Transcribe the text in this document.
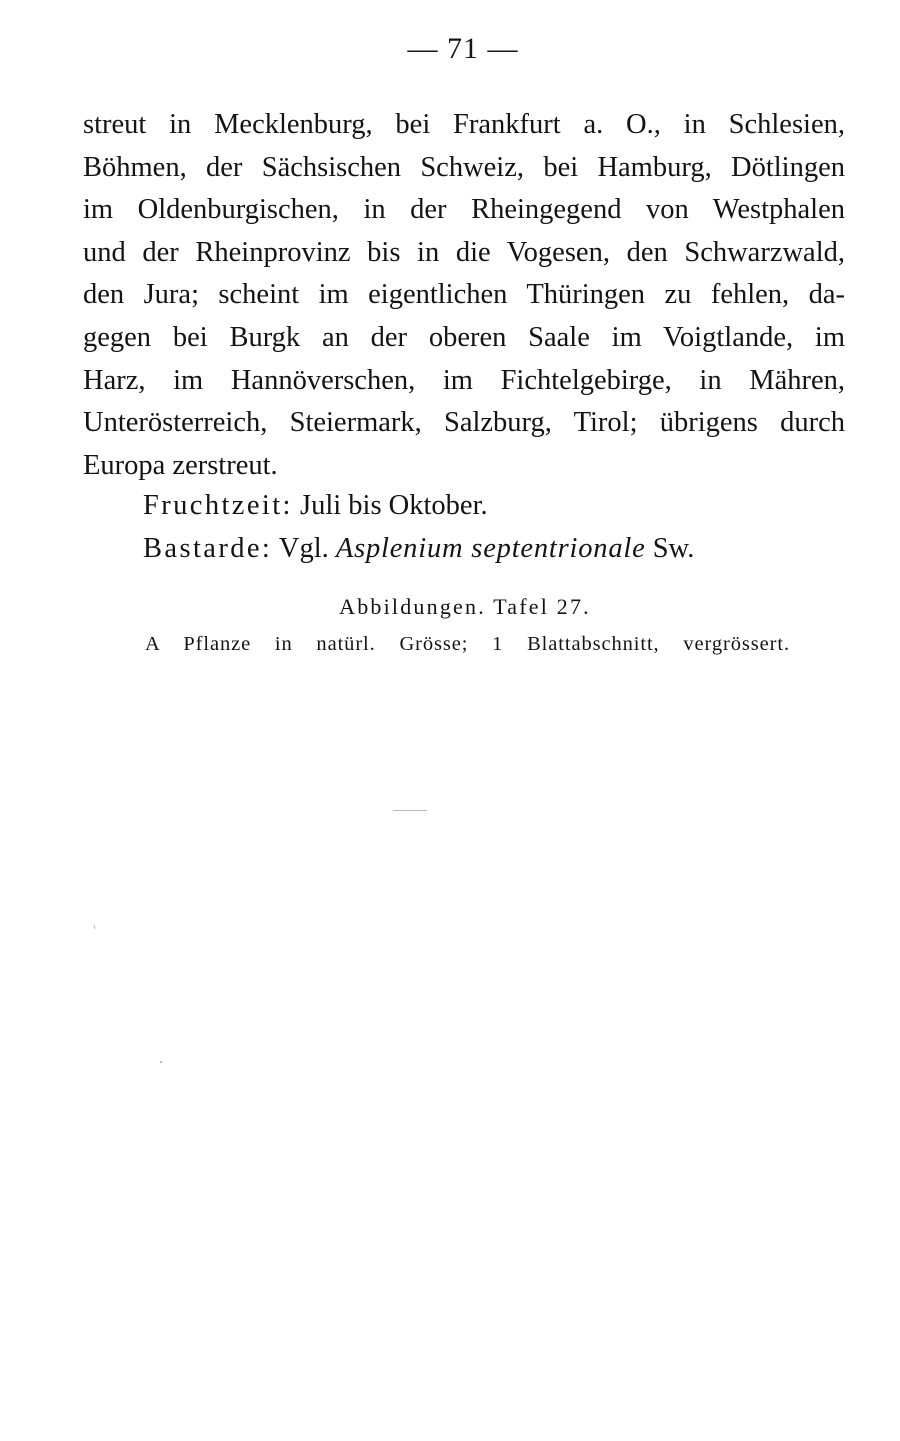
— 71 —
streut in Mecklenburg, bei Frankfurt a. O., in Schlesien,
Böhmen, der Sächsischen Schweiz, bei Hamburg, Dötlingen
im Oldenburgischen, in der Rheingegend von Westphalen
und der Rheinprovinz bis in die Vogesen, den Schwarzwald,
den Jura; scheint im eigentlichen Thüringen zu fehlen, da-
gegen bei Burgk an der oberen Saale im Voigtlande, im
Harz, im Hannöverschen, im Fichtelgebirge, in Mähren,
Unterösterreich, Steiermark, Salzburg, Tirol; übrigens durch
Europa zerstreut.
Fruchtzeit: Juli bis Oktober.
Bastarde: Vgl. Asplenium septentrionale Sw.
Abbildungen. Tafel 27.
A Pflanze in natürl. Grösse; 1 Blattabschnitt, vergrössert.
